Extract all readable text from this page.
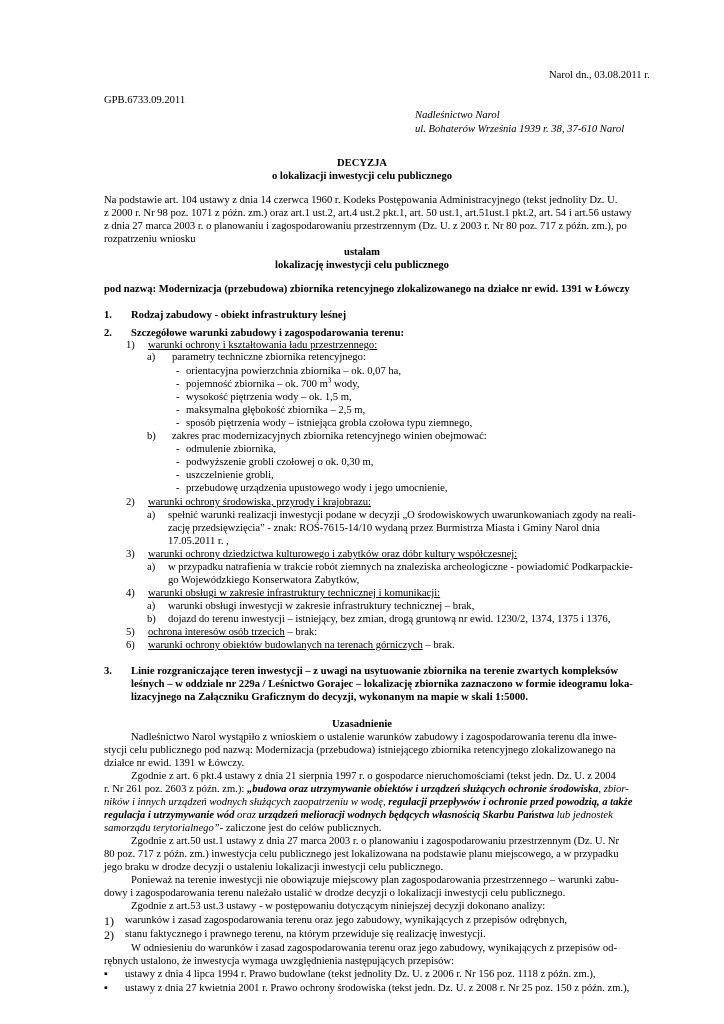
Narol dn., 03.08.2011 r.
GPB.6733.09.2011
Nadleśnictwo Narol
ul. Bohaterów Września 1939 r. 38, 37-610 Narol
DECYZJA
o lokalizacji inwestycji celu publicznego
Na podstawie art. 104 ustawy z dnia 14 czerwca 1960 r. Kodeks Postępowania Administracyjnego (tekst jednolity Dz. U.
z 2000 r. Nr 98 poz. 1071 z późn. zm.) oraz art.1 ust.2, art.4 ust.2 pkt.1, art. 50 ust.1, art.51ust.1 pkt.2, art. 54 i art.56 ustawy
z dnia 27 marca 2003 r. o planowaniu i zagospodarowaniu przestrzennym (Dz. U. z 2003 r. Nr 80 poz. 717 z późn. zm.), po
rozpatrzeniu wniosku
ustalam
lokalizację inwestycji celu publicznego
pod nazwą: Modernizacja (przebudowa) zbiornika retencyjnego zlokalizowanego na działce nr ewid. 1391 w Łówczy
1. Rodzaj zabudowy - obiekt infrastruktury leśnej
2. Szczegółowe warunki zabudowy i zagospodarowania terenu:
1) warunki ochrony i kształtowania ładu przestrzennego:
a) parametry techniczne zbiornika retencyjnego:
- orientacyjna powierzchnia zbiornika – ok. 0,07 ha,
- pojemność zbiornika – ok. 700 $m^3$ wody,
- wysokość piętrzenia wody – ok. 1,5 m,
- maksymalna głębokość zbiornika – 2,5 m,
- sposób piętrzenia wody – istniejąca grobla czołowa typu ziemnego,
b) zakres prac modernizacyjnych zbiornika retencyjnego winien obejmować:
- odmulenie zbiornika,
- podwyższenie grobli czołowej o ok. 0,30 m,
- uszczelnienie grobli,
- przebudowę urządzenia upustowego wody i jego umocnienie,
2) warunki ochrony środowiska, przyrody i krajobrazu:
a) spełnić warunki realizacji inwestycji podane w decyzji „O środowiskowych uwarunkowaniach zgody na reali-
zację przedsięwzięcia” - znak: ROŚ-7615-14/10 wydaną przez Burmistrza Miasta i Gminy Narol dnia
17.05.2011 r. ,
3) warunki ochrony dziedzictwa kulturowego i zabytków oraz dóbr kultury współczesnej:
a) w przypadku natrafienia w trakcie robót ziemnych na znaleziska archeologiczne - powiadomić Podkarpackie-
go Wojewódzkiego Konserwatora Zabytków,
4) warunki obsługi w zakresie infrastruktury technicznej i komunikacji:
a) warunki obsługi inwestycji w zakresie infrastruktury technicznej – brak,
b) dojazd do terenu inwestycji – istniejący, bez zmian, drogą gruntową nr ewid. 1230/2, 1374, 1375 i 1376,
5) ochrona interesów osób trzecich – brak:
6) warunki ochrony obiektów budowlanych na terenach górniczych – brak.
3. Linie rozgraniczające teren inwestycji – z uwagi na usytuowanie zbiornika na terenie zwartych kompleksów
leśnych – w oddziale nr 229a / Leśnictwo Gorajec – lokalizację zbiornika zaznaczono w formie ideogramu loka-
lizacyjnego na Załączniku Graficznym do decyzji, wykonanym na mapie w skali 1:5000.
Uzasadnienie
Nadleśnictwo Narol wystąpiło z wnioskiem o ustalenie warunków zabudowy i zagospodarowania terenu dla inwe-
stycji celu publicznego pod nazwą: Modernizacja (przebudowa) istniejącego zbiornika retencyjnego zlokalizowanego na
działce nr ewid. 1391 w Łówczy.
Zgodnie z art. 6 pkt.4 ustawy z dnia 21 sierpnia 1997 r. o gospodarce nieruchomościami (tekst jedn. Dz. U. z 2004
r. Nr 261 poz. 2603 z późn. zm.): „budowa oraz utrzymywanie obiektów i urządzeń służących ochronie środowiska, zbior-
ników i innych urządzeń wodnych służących zaopatrzeniu w wodę, regulacji przepływów i ochronie przed powodzią, a także
regulacja i utrzymywanie wód oraz urządzeń melioracji wodnych będących własnością Skarbu Państwa lub jednostek
samorządu terytorialnego”- zaliczone jest do celów publicznych.
Zgodnie z art.50 ust.1 ustawy z dnia 27 marca 2003 r. o planowaniu i zagospodarowaniu przestrzennym (Dz. U. Nr
80 poz. 717 z późn. zm.) inwestycja celu publicznego jest lokalizowana na podstawie planu miejscowego, a w przypadku
jego braku w drodze decyzji o ustaleniu lokalizacji inwestycji celu publicznego.
Ponieważ na terenie inwestycji nie obowiązuje miejscowy plan zagospodarowania przestrzennego – warunki zabu-
dowy i zagospodarowania terenu należało ustalić w drodze decyzji o lokalizacji inwestycji celu publicznego.
Zgodnie z art.53 ust.3 ustawy - w postępowaniu dotyczącym niniejszej decyzji dokonano analizy:
1) warunków i zasad zagospodarowania terenu oraz jego zabudowy, wynikających z przepisów odrębnych,
2) stanu faktycznego i prawnego terenu, na którym przewiduje się realizację inwestycji.
W odniesieniu do warunków i zasad zagospodarowania terenu oraz jego zabudowy, wynikających z przepisów od-
rębnych ustalono, że inwestycja wymaga uwzględnienia następujących przepisów:
▪ ustawy z dnia 4 lipca 1994 r. Prawo budowlane (tekst jednolity Dz. U. z 2006 r. Nr 156 poz. 1118 z późn. zm.),
▪ ustawy z dnia 27 kwietnia 2001 r. Prawo ochrony środowiska (tekst jedn. Dz. U. z 2008 r. Nr 25 poz. 150 z późn. zm.),
